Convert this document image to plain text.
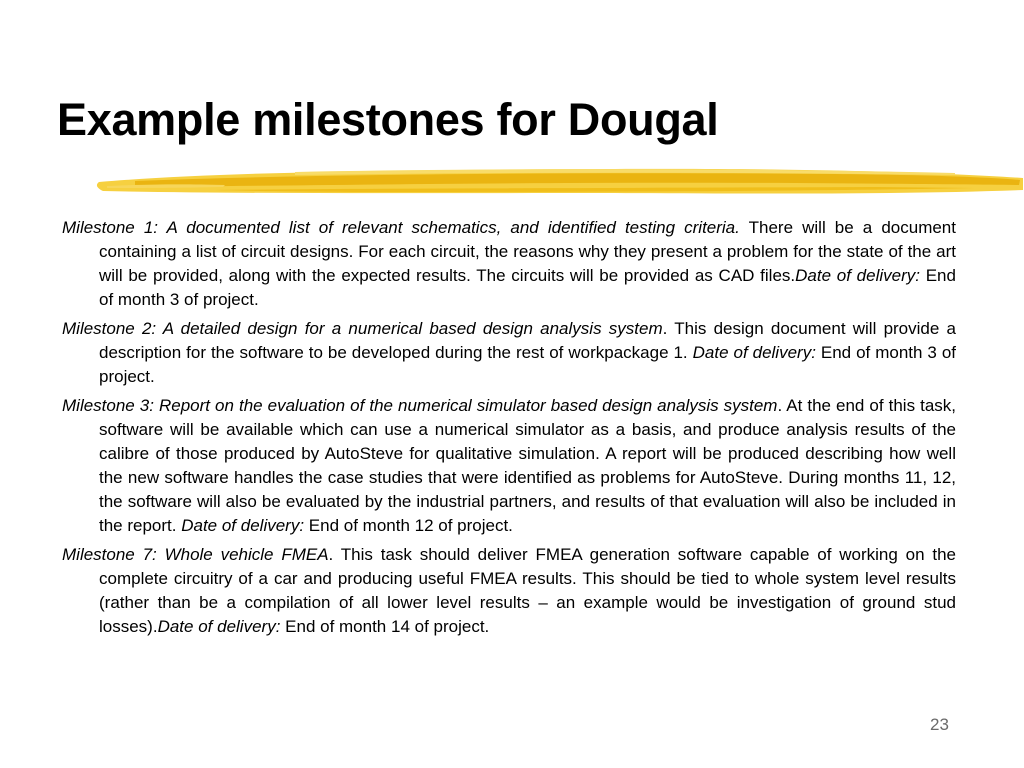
Example milestones for Dougal
Milestone 1: A documented list of relevant schematics, and identified testing criteria. There will be a document containing a list of circuit designs. For each circuit, the reasons why they present a problem for the state of the art will be provided, along with the expected results. The circuits will be provided as CAD files.Date of delivery: End of month 3 of project.
Milestone 2: A detailed design for a numerical based design analysis system. This design document will provide a description for the software to be developed during the rest of workpackage 1. Date of delivery: End of month 3 of project.
Milestone 3: Report on the evaluation of the numerical simulator based design analysis system. At the end of this task, software will be available which can use a numerical simulator as a basis, and produce analysis results of the calibre of those produced by AutoSteve for qualitative simulation. A report will be produced describing how well the new software handles the case studies that were identified as problems for AutoSteve. During months 11, 12, the software will also be evaluated by the industrial partners, and results of that evaluation will also be included in the report. Date of delivery: End of month 12 of project.
Milestone 7: Whole vehicle FMEA. This task should deliver FMEA generation software capable of working on the complete circuitry of a car and producing useful FMEA results. This should be tied to whole system level results (rather than be a compilation of all lower level results – an example would be investigation of ground stud losses).Date of delivery: End of month 14 of project.
23
